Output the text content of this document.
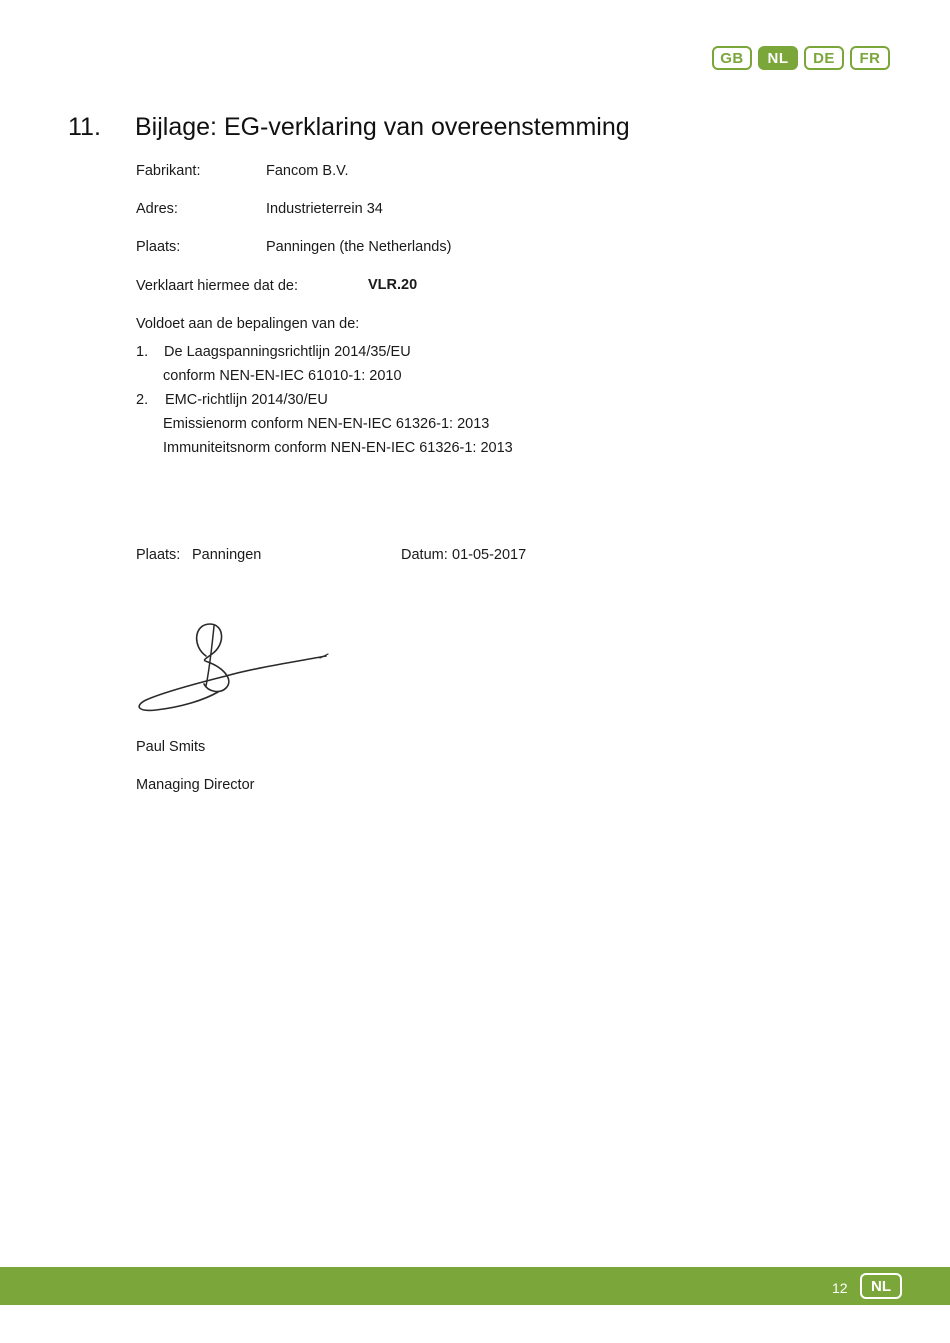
GB	NL	DE	FR
11.	Bijlage: EG-verklaring van overeenstemming
Fabrikant:	Fancom B.V.
Adres:	Industrieterrein 34
Plaats:	Panningen (the Netherlands)
Verklaart hiermee dat de:	VLR.20
Voldoet aan de bepalingen van de:
1. De Laagspanningsrichtlijn 2014/35/EU
conform NEN-EN-IEC 61010-1: 2010
2. EMC-richtlijn 2014/30/EU
Emissienorm conform NEN-EN-IEC 61326-1: 2013
Immuniteitsnorm conform NEN-EN-IEC 61326-1: 2013
Plaats: Panningen	Datum: 01-05-2017
Paul Smits
Managing Director
12	NL
